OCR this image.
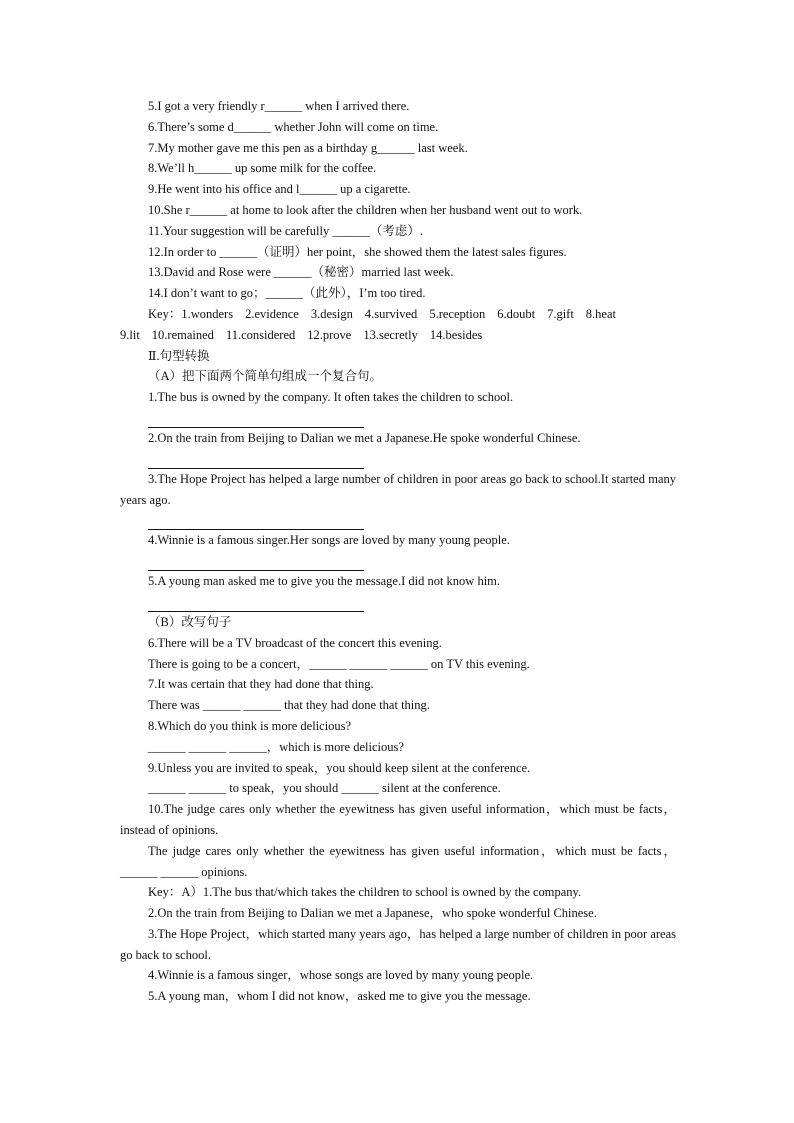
5.I got a very friendly r______ when I arrived there.
6.There’s some d______ whether John will come on time.
7.My mother gave me this pen as a birthday g______ last week.
8.We’ll h______ up some milk for the coffee.
9.He went into his office and l______ up a cigarette.
10.She r______ at home to look after the children when her husband went out to work.
11.Your suggestion will be carefully ______（考虑）.
12.In order to ______（证明）her point，she showed them the latest sales figures.
13.David and Rose were ______（秘密）married last week.
14.I don’t want to go；______（此外），I’m too tired.
Key：1.wonders 2.evidence 3.design 4.survived 5.reception 6.doubt 7.gift 8.heat
9.lit 10.remained 11.considered 12.prove 13.secretly 14.besides
Ⅱ.句型转换
（A）把下面两个简单句组成一个复合句。
1.The bus is owned by the company. It often takes the children to school.
2.On the train from Beijing to Dalian we met a Japanese.He spoke wonderful Chinese.
3.The Hope Project has helped a large number of children in poor areas go back to school.It started many years ago.
4.Winnie is a famous singer.Her songs are loved by many young people.
5.A young man asked me to give you the message.I did not know him.
（B）改写句子
6.There will be a TV broadcast of the concert this evening.
There is going to be a concert，______ ______ ______ on TV this evening.
7.It was certain that they had done that thing.
There was ______ ______ that they had done that thing.
8.Which do you think is more delicious?
______ ______ ______，which is more delicious?
9.Unless you are invited to speak，you should keep silent at the conference.
______ ______ to speak，you should ______ silent at the conference.
10.The judge cares only whether the eyewitness has given useful information，which must be facts，instead of opinions.
The judge cares only whether the eyewitness has given useful information，which must be facts，______ ______ opinions.
Key：A）1.The bus that/which takes the children to school is owned by the company.
2.On the train from Beijing to Dalian we met a Japanese，who spoke wonderful Chinese.
3.The Hope Project，which started many years ago，has helped a large number of children in poor areas go back to school.
4.Winnie is a famous singer，whose songs are loved by many young people.
5.A young man，whom I did not know，asked me to give you the message.
